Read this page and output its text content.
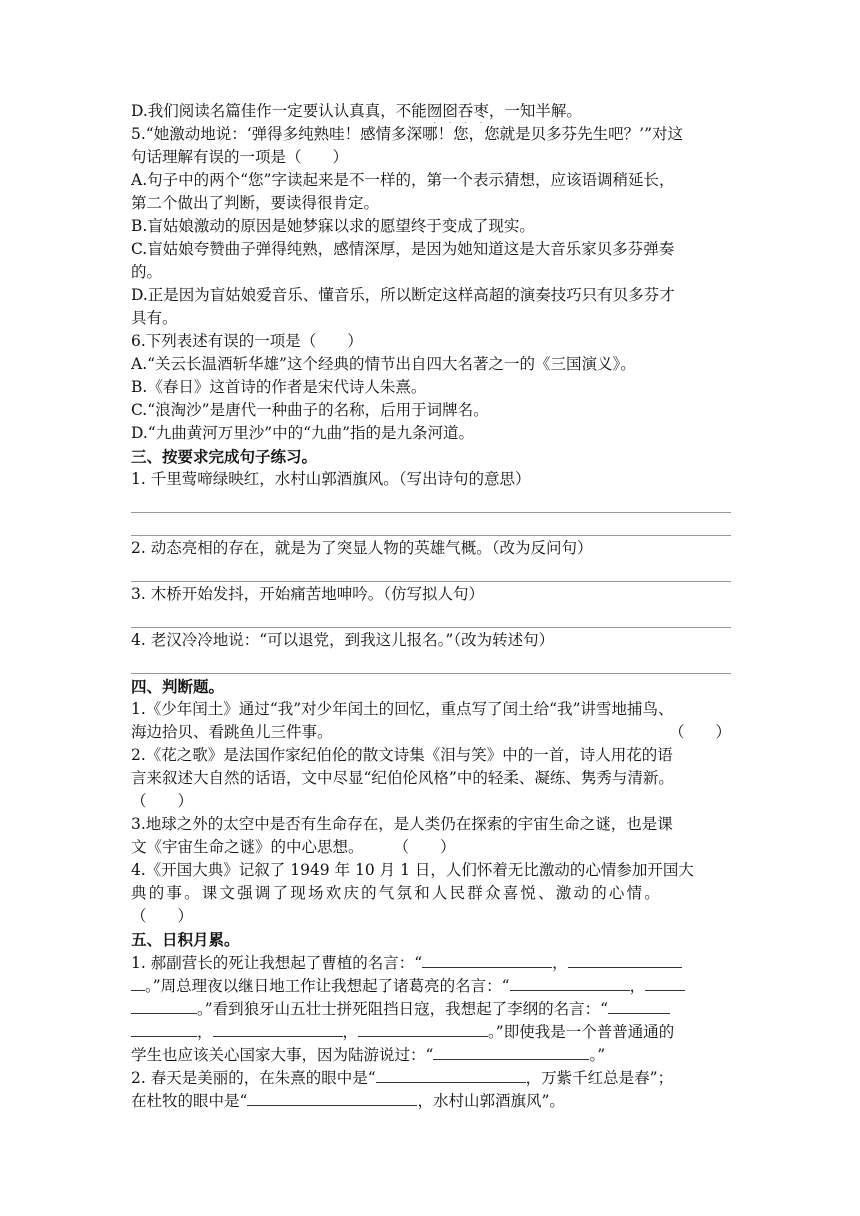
D.我们阅读名篇佳作一定要认认真真，不能囫囵吞枣，一知半解。
5.“她激动地说：‘弹得多纯熟哇！感情多深哪！您，您就是贝多芬先生吧？’”对这
句话理解有误的一项是（　　）
A.句子中的两个“您”字读起来是不一样的，第一个表示猜想，应该语调稍延长，
第二个做出了判断，要读得很肯定。
B.盲姑娘激动的原因是她梦寐以求的愿望终于变成了现实。
C.盲姑娘夸赞曲子弹得纯熟，感情深厚，是因为她知道这是大音乐家贝多芬弹奏
的。
D.正是因为盲姑娘爱音乐、懂音乐，所以断定这样高超的演奏技巧只有贝多芬才
具有。
6.下列表述有误的一项是（　　）
A.“关云长温酒斩华雄”这个经典的情节出自四大名著之一的《三国演义》。
B.《春日》这首诗的作者是宋代诗人朱熹。
C.“浪淘沙”是唐代一种曲子的名称，后用于词牌名。
D.“九曲黄河万里沙”中的“九曲”指的是九条河道。
三、按要求完成句子练习。
1. 千里莺啼绿映红，水村山郭酒旗风。（写出诗句的意思）
2. 动态亮相的存在，就是为了突显人物的英雄气概。（改为反问句）
3. 木桥开始发抖，开始痛苦地呻吟。（仿写拟人句）
4. 老汉冷冷地说：“可以退党，到我这儿报名。”（改为转述句）
四、判断题。
1.《少年闰土》通过“我”对少年闰土的回忆，重点写了闰土给“我”讲雪地捕鸟、
海边拾贝、看跳鱼儿三件事。	（　　）
2.《花之歌》是法国作家纪伯伦的散文诗集《泪与笑》中的一首，诗人用花的语
言来叙述大自然的话语，文中尽显“纪伯伦风格”中的轻柔、凝练、隽秀与清新。
（　　）
3.地球之外的太空中是否有生命存在，是人类仍在探索的宇宙生命之谜，也是课
文《宇宙生命之谜》的中心思想。 （　　）
4.《开国大典》记叙了 1949 年 10 月 1 日，人们怀着无比激动的心情参加开国大
典的事。课文强调了现场欢庆的气氛和人民群众喜悦、激动的心情。
（　　）
五、日积月累。
1. 郝副营长的死让我想起了曹植的名言：“	，
。”周总理夜以继日地工作让我想起了诸葛亮的名言：“	，
。”看到狼牙山五壮士拼死阻挡日寇，我想起了李纲的名言：“
，	，	。”即使我是一个普普通通的
学生也应该关心国家大事，因为陆游说过：“	。”
2. 春天是美丽的，在朱熹的眼中是“	，万紫千红总是春”；
在杜牧的眼中是“	，水村山郭酒旗风”。
